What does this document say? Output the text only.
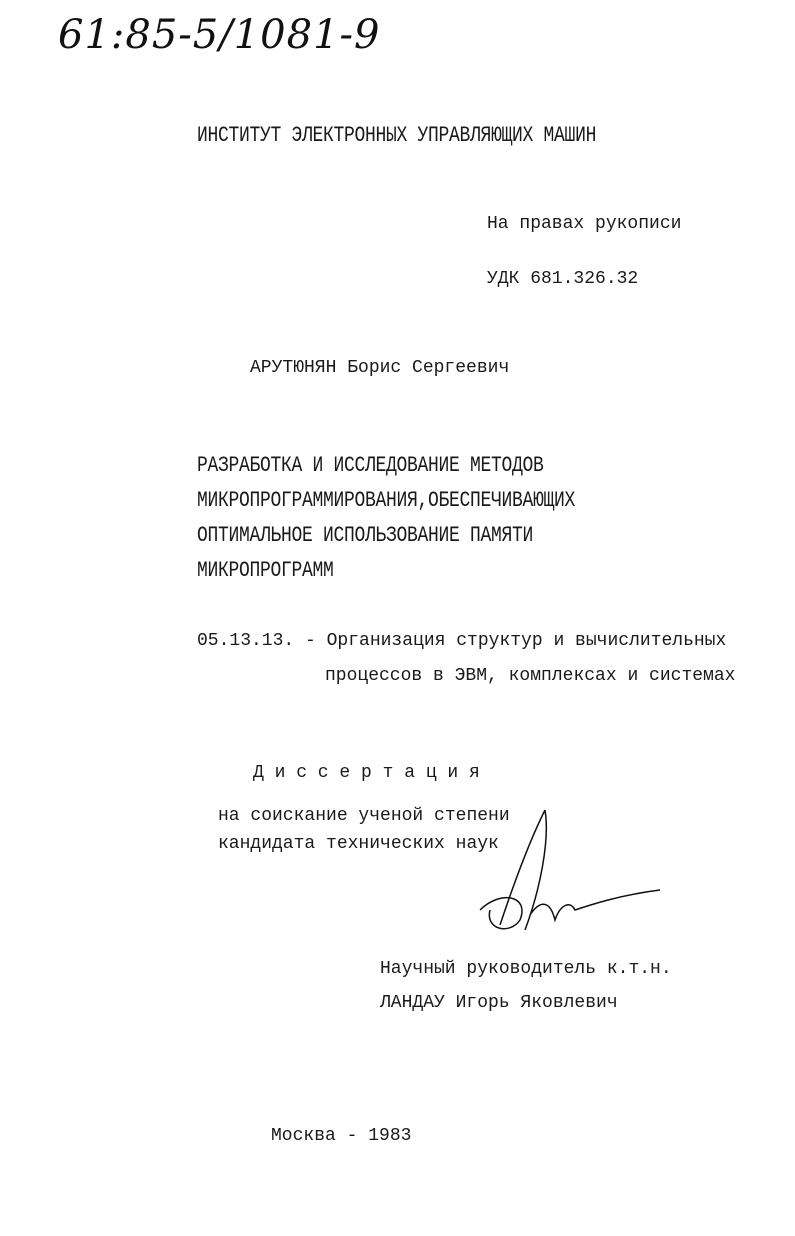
61:85-5/1081-9
ИНСТИТУТ ЭЛЕКТРОННЫХ УПРАВЛЯЮЩИХ МАШИН
На правах рукописи
УДК 681.326.32
АРУТЮНЯН Борис Сергеевич
РАЗРАБОТКА И ИССЛЕДОВАНИЕ МЕТОДОВ
МИКРОПРОГРАММИРОВАНИЯ,ОБЕСПЕЧИВАЮЩИХ
ОПТИМАЛЬНОЕ ИСПОЛЬЗОВАНИЕ ПАМЯТИ
МИКРОПРОГРАММ
05.13.13. - Организация структур и вычислительных
процессов в ЭВМ, комплексах и системах
Д и с с е р т а ц и я
на соискание ученой степени
кандидата технических наук
Научный руководитель к.т.н.
ЛАНДАУ Игорь Яковлевич
Москва - 1983
